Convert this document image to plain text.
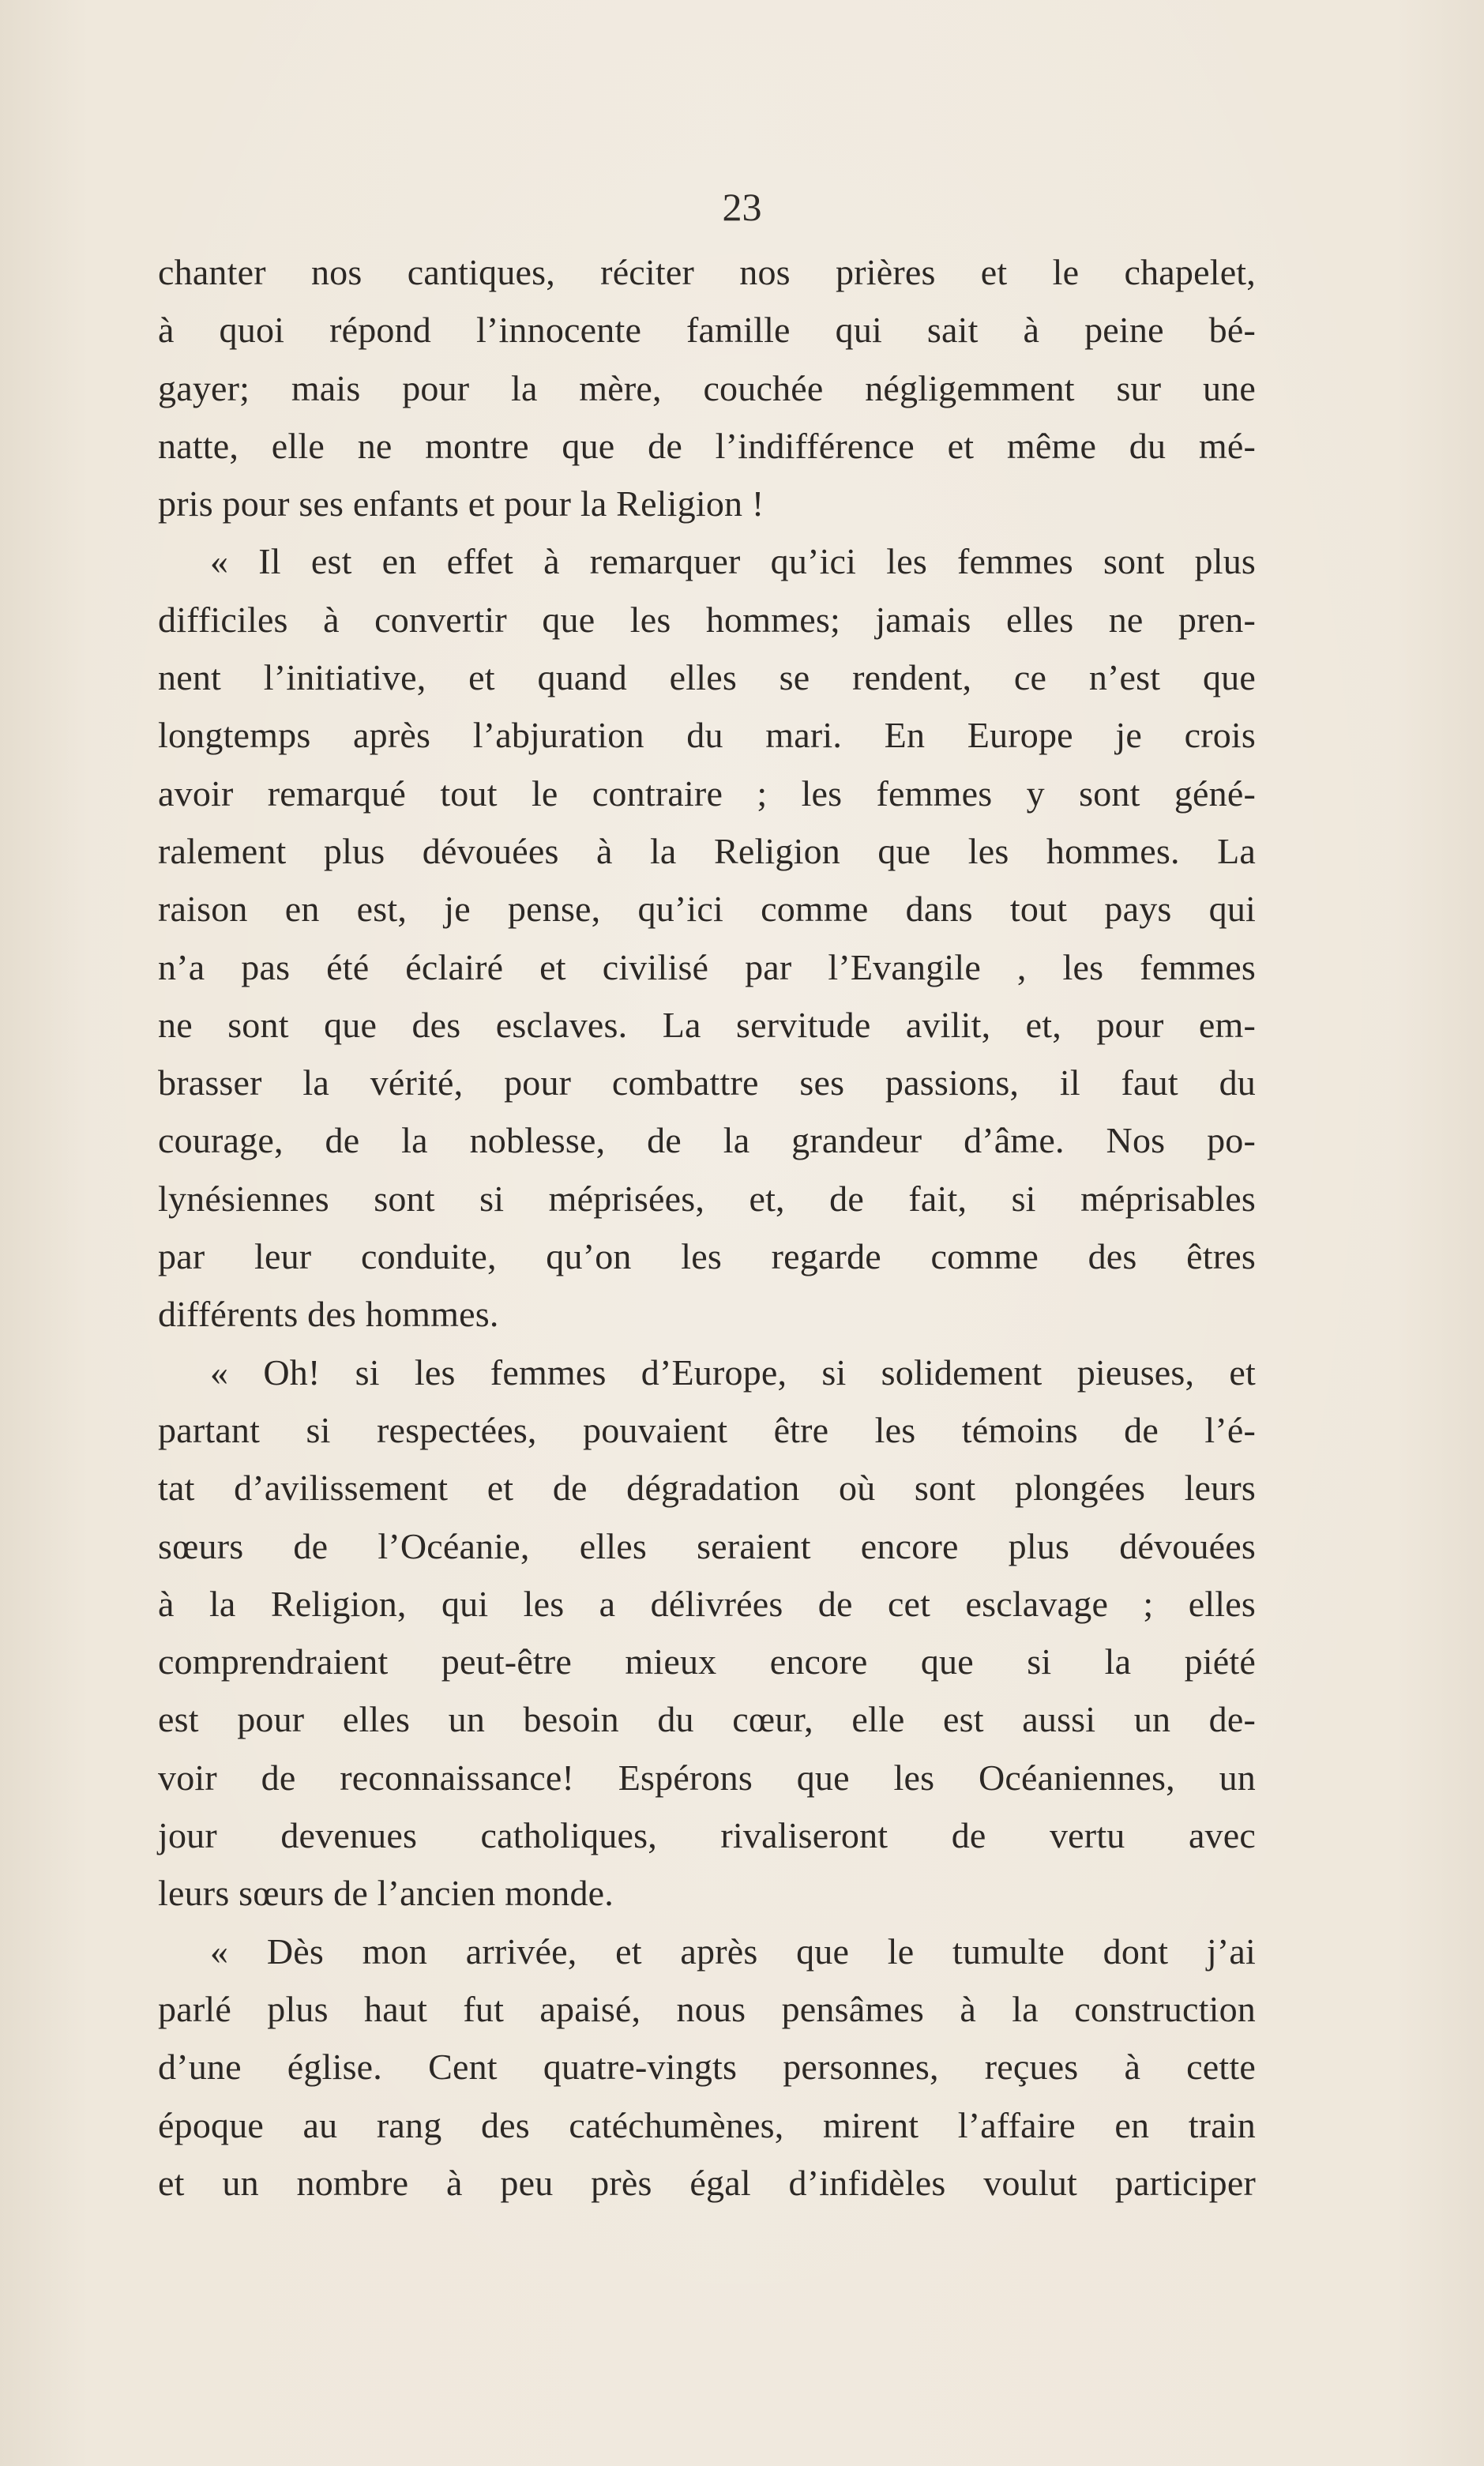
23
chanter nos cantiques, réciter nos prières et le chapelet,
à quoi répond l’innocente famille qui sait à peine bé-
gayer; mais pour la mère, couchée négligemment sur une
natte, elle ne montre que de l’indifférence et même du mé-
pris pour ses enfants et pour la Religion !
« Il est en effet à remarquer qu’ici les femmes sont plus
difficiles à convertir que les hommes; jamais elles ne pren-
nent l’initiative, et quand elles se rendent, ce n’est que
longtemps après l’abjuration du mari. En Europe je crois
avoir remarqué tout le contraire ; les femmes y sont géné-
ralement plus dévouées à la Religion que les hommes. La
raison en est, je pense, qu’ici comme dans tout pays qui
n’a pas été éclairé et civilisé par l’Evangile , les femmes
ne sont que des esclaves. La servitude avilit, et, pour em-
brasser la vérité, pour combattre ses passions, il faut du
courage, de la noblesse, de la grandeur d’âme. Nos po-
lynésiennes sont si méprisées, et, de fait, si méprisables
par leur conduite, qu’on les regarde comme des êtres
différents des hommes.
« Oh! si les femmes d’Europe, si solidement pieuses, et
partant si respectées, pouvaient être les témoins de l’é-
tat d’avilissement et de dégradation où sont plongées leurs
sœurs de l’Océanie, elles seraient encore plus dévouées
à la Religion, qui les a délivrées de cet esclavage ; elles
comprendraient peut-être mieux encore que si la piété
est pour elles un besoin du cœur, elle est aussi un de-
voir de reconnaissance! Espérons que les Océaniennes, un
jour devenues catholiques, rivaliseront de vertu avec
leurs sœurs de l’ancien monde.
« Dès mon arrivée, et après que le tumulte dont j’ai
parlé plus haut fut apaisé, nous pensâmes à la construction
d’une église. Cent quatre-vingts personnes, reçues à cette
époque au rang des catéchumènes, mirent l’affaire en train
et un nombre à peu près égal d’infidèles voulut participer
